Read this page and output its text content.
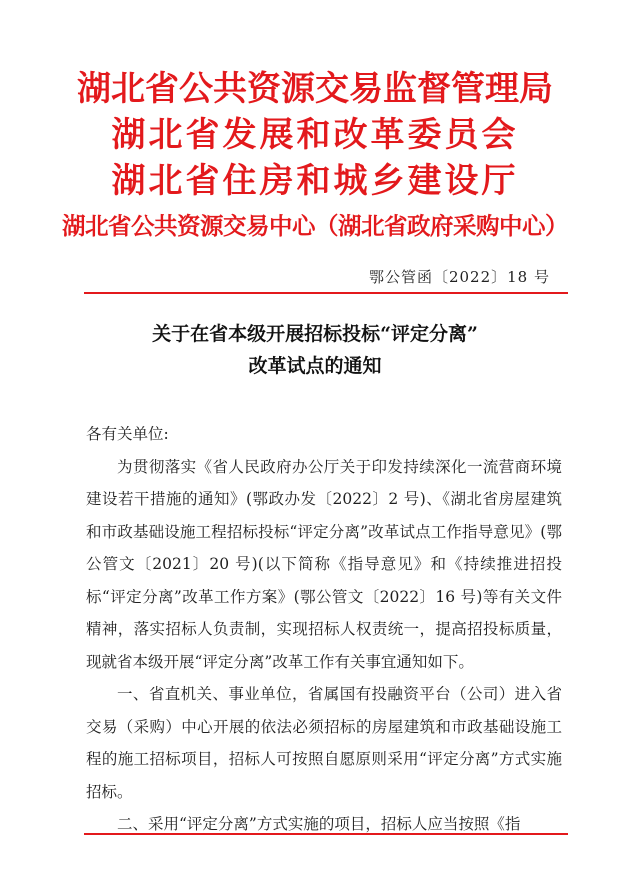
湖北省公共资源交易监督管理局
湖北省发展和改革委员会
湖北省住房和城乡建设厅
湖北省公共资源交易中心（湖北省政府采购中心）
鄂公管函〔2022〕18 号
关于在省本级开展招标投标“评定分离”
改革试点的通知
各有关单位:

为贯彻落实《省人民政府办公厅关于印发持续深化一流营商环境建设若干措施的通知》(鄂政办发〔2022〕2 号)、《湖北省房屋建筑和市政基础设施工程招标投标“评定分离”改革试点工作指导意见》(鄂公管文〔2021〕20 号)(以下简称《指导意见》和《持续推进招投标“评定分离”改革工作方案》(鄂公管文〔2022〕16 号)等有关文件精神，落实招标人负责制，实现招标人权责统一，提高招投标质量，现就省本级开展“评定分离”改革工作有关事宜通知如下。

一、省直机关、事业单位，省属国有投融资平台（公司）进入省交易（采购）中心开展的依法必须招标的房屋建筑和市政基础设施工程的施工招标项目，招标人可按照自愿原则采用“评定分离”方式实施招标。

二、采用“评定分离”方式实施的项目，招标人应当按照《指
